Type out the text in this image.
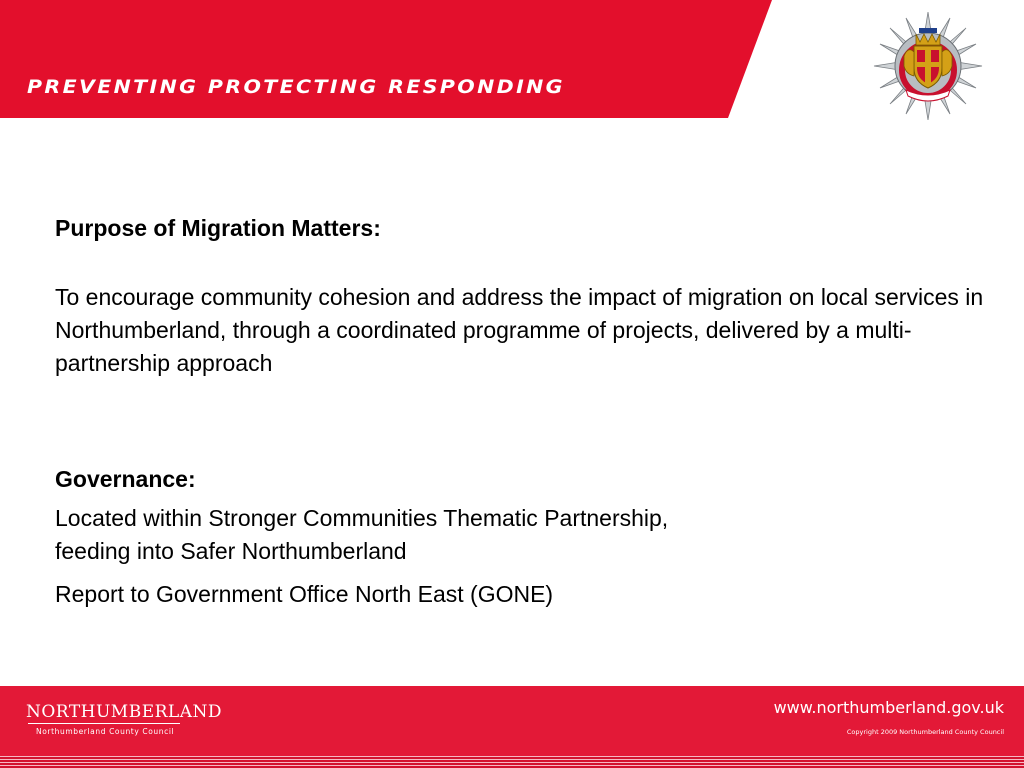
PREVENTING PROTECTING RESPONDING

Purpose of Migration Matters:

To encourage community cohesion and address the impact of migration on local services in Northumberland, through a coordinated programme of projects, delivered by a multi-partnership approach

Governance:

Located within Stronger Communities Thematic Partnership,
feeding into Safer Northumberland

Report to Government Office North East (GONE)

NORTHUMBERLAND
Northumberland County Council
www.northumberland.gov.uk
Copyright 2009 Northumberland County Council
